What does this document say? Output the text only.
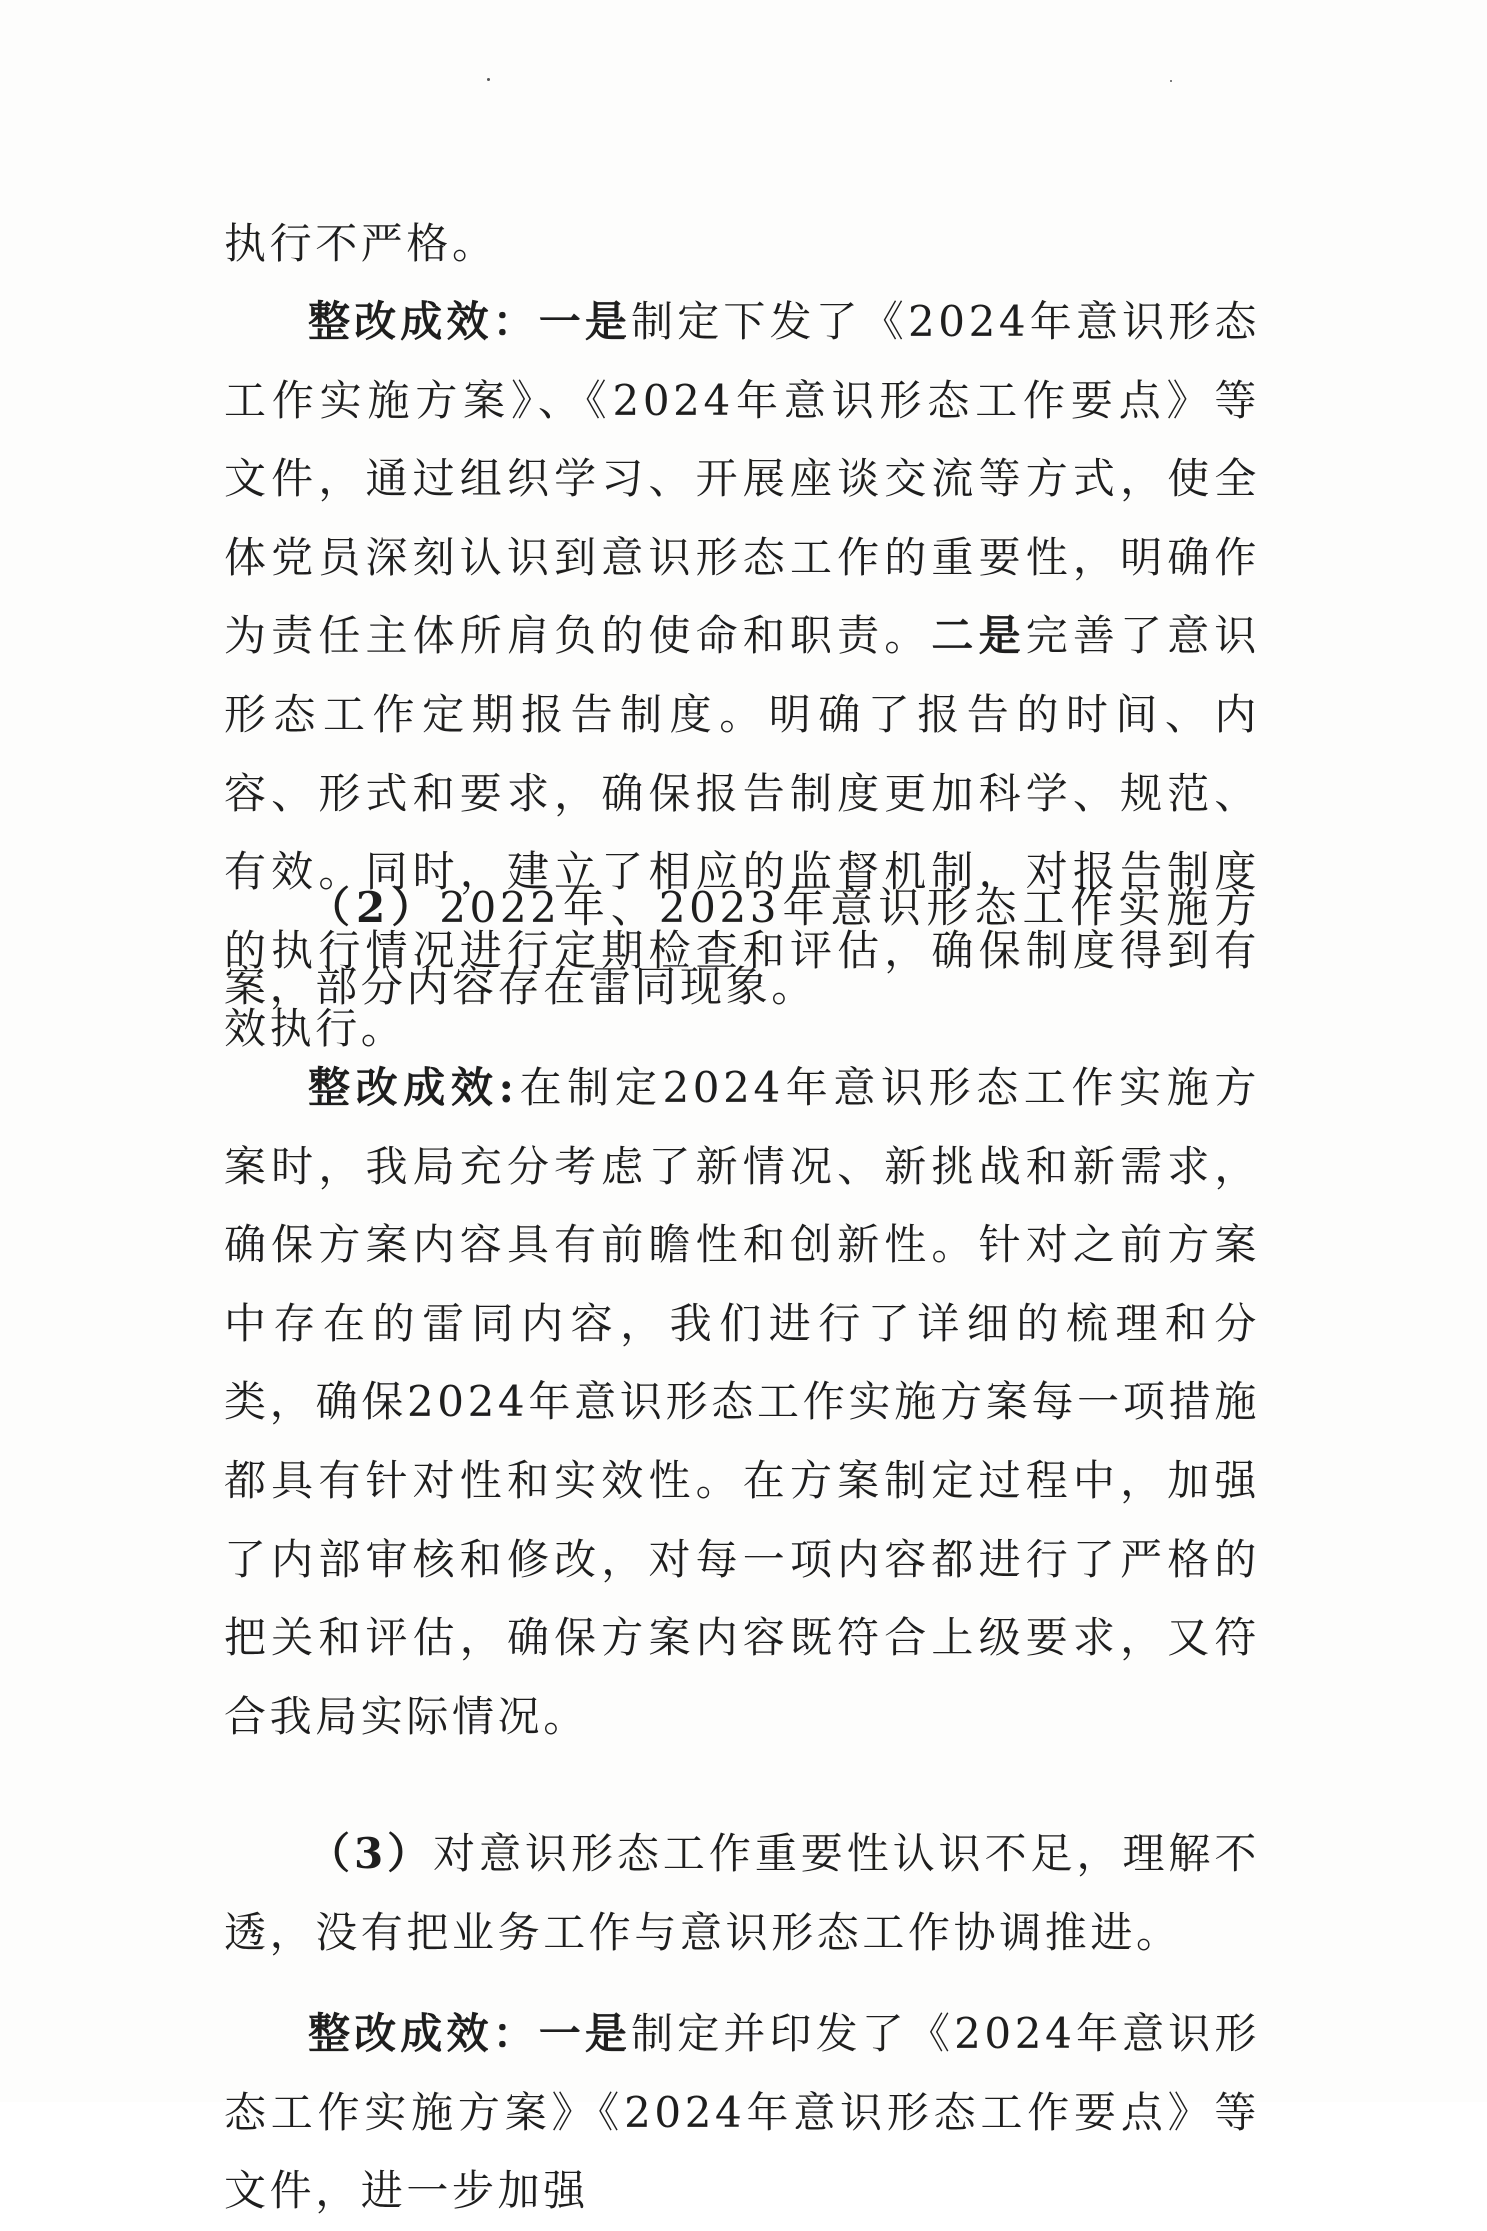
执行不严格。

整改成效：一是制定下发了《2024年意识形态工作实施方案》、《2024年意识形态工作要点》等文件，通过组织学习、开展座谈交流等方式，使全体党员深刻认识到意识形态工作的重要性，明确作为责任主体所肩负的使命和职责。二是完善了意识形态工作定期报告制度。明确了报告的时间、内容、形式和要求，确保报告制度更加科学、规范、有效。同时，建立了相应的监督机制，对报告制度的执行情况进行定期检查和评估，确保制度得到有效执行。

（2）2022年、2023年意识形态工作实施方案，部分内容存在雷同现象。

整改成效:在制定2024年意识形态工作实施方案时，我局充分考虑了新情况、新挑战和新需求，确保方案内容具有前瞻性和创新性。针对之前方案中存在的雷同内容，我们进行了详细的梳理和分类，确保2024年意识形态工作实施方案每一项措施都具有针对性和实效性。在方案制定过程中，加强了内部审核和修改，对每一项内容都进行了严格的把关和评估，确保方案内容既符合上级要求，又符合我局实际情况。

（3）对意识形态工作重要性认识不足，理解不透，没有把业务工作与意识形态工作协调推进。

整改成效：一是制定并印发了《2024年意识形态工作实施方案》《2024年意识形态工作要点》等文件，进一步加强
